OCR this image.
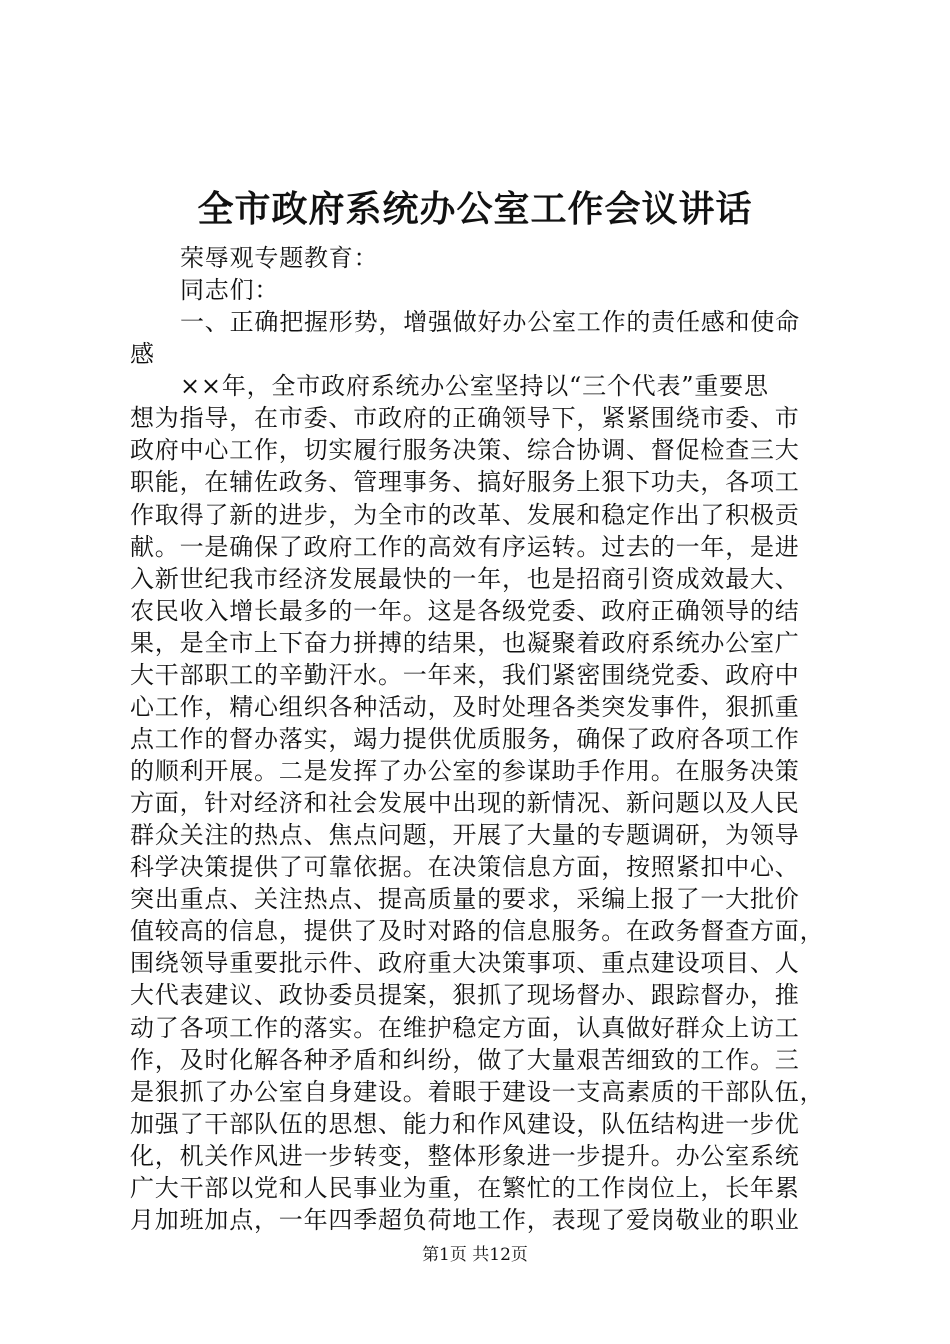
全市政府系统办公室工作会议讲话
荣辱观专题教育：
同志们：
一、正确把握形势，增强做好办公室工作的责任感和使命
感
××年，全市政府系统办公室坚持以“三个代表”重要思
想为指导，在市委、市政府的正确领导下，紧紧围绕市委、市
政府中心工作，切实履行服务决策、综合协调、督促检查三大
职能，在辅佐政务、管理事务、搞好服务上狠下功夫，各项工
作取得了新的进步，为全市的改革、发展和稳定作出了积极贡
献。一是确保了政府工作的高效有序运转。过去的一年，是进
入新世纪我市经济发展最快的一年，也是招商引资成效最大、
农民收入增长最多的一年。这是各级党委、政府正确领导的结
果，是全市上下奋力拼搏的结果，也凝聚着政府系统办公室广
大干部职工的辛勤汗水。一年来，我们紧密围绕党委、政府中
心工作，精心组织各种活动，及时处理各类突发事件，狠抓重
点工作的督办落实，竭力提供优质服务，确保了政府各项工作
的顺利开展。二是发挥了办公室的参谋助手作用。在服务决策
方面，针对经济和社会发展中出现的新情况、新问题以及人民
群众关注的热点、焦点问题，开展了大量的专题调研，为领导
科学决策提供了可靠依据。在决策信息方面，按照紧扣中心、
突出重点、关注热点、提高质量的要求，采编上报了一大批价
值较高的信息，提供了及时对路的信息服务。在政务督查方面，
围绕领导重要批示件、政府重大决策事项、重点建设项目、人
大代表建议、政协委员提案，狠抓了现场督办、跟踪督办，推
动了各项工作的落实。在维护稳定方面，认真做好群众上访工
作，及时化解各种矛盾和纠纷，做了大量艰苦细致的工作。三
是狠抓了办公室自身建设。着眼于建设一支高素质的干部队伍，
加强了干部队伍的思想、能力和作风建设，队伍结构进一步优
化，机关作风进一步转变，整体形象进一步提升。办公室系统
广大干部以党和人民事业为重，在繁忙的工作岗位上，长年累
月加班加点，一年四季超负荷地工作，表现了爱岗敬业的职业
第1页 共12页
